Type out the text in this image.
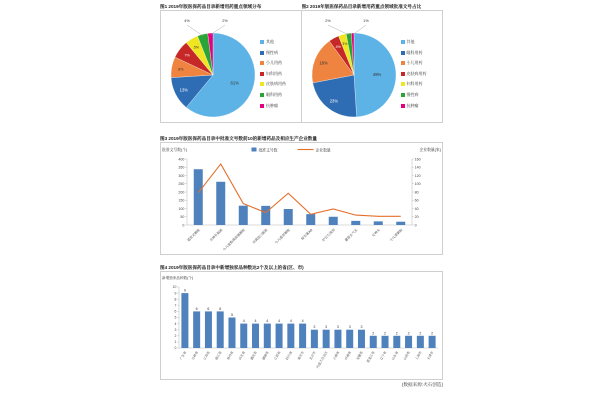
图1 2019年版医保药品目录新增用药重点领域分布	图2 2019年版医保药品目录新增用药重点领域批准文号占比
61%
13%
8%
7%
5%
4%	2%
其他
慢性病
小儿用药
妇科用药
皮肤病用药
眼科用药
抗肿瘤
49%
23%
18%
4%
3%
2%	1%
其他
眼科用药
小儿用药
皮肤病用药
妇科用药
慢性病
抗肿瘤
图3 2019年版医保药品目录中批准文号数前10的新增药品及相应生产企业数量
0
50
100
150
200
250
300
350
400
0
20
40
60
80
100
120
140
160
感冒灵颗粒 安神补脑液
小儿氨酚黄那敏颗粒 双黄连口服液 小儿感冒颗粒	维生素AD 炉甘石洗剂 藿香正气水	安神丸 小儿康颗粒
批准文号数(个)	企业数量(家)
批准文号数	企业数量
图4 2019年版医保药品目录中新增独家品种数达2个及以上的省(区、市)
0
1
2
3
4
5
6
7
8
9
10
9
广东省
6
吉林省
6
江苏省
6
浙江省
5
贵州省
4
河北省
4
湖北省
4
湖南省
4
江西省
4
四川省
4
重庆市
3
北京市
3
内蒙古自治区
3
云南省
3
河南省
3
安徽省
2
黑龙江省
2
辽宁省
2
山东省
2
山西省
2
上海市
2
天津市
新增独家品种数(个)
(数据来源:火石创造)
